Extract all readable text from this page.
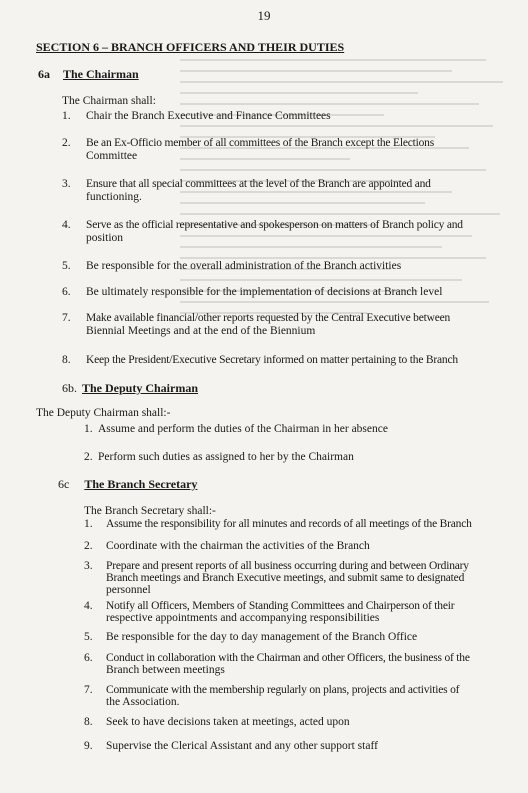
19
SECTION 6 – BRANCH OFFICERS AND THEIR DUTIES
6a The Chairman
The Chairman shall:
1. Chair the Branch Executive and Finance Committees
2. Be an Ex-Officio member of all committees of the Branch except the Elections
Committee
3. Ensure that all special committees at the level of the Branch are appointed and
functioning.
4. Serve as the official representative and spokesperson on matters of Branch policy and
position
5. Be responsible for the overall administration of the Branch activities
6. Be ultimately responsible for the implementation of decisions at Branch level
7. Make available financial/other reports requested by the Central Executive between
Biennial Meetings and at the end of the Biennium
8. Keep the President/Executive Secretary informed on matter pertaining to the Branch
6b. The Deputy Chairman
The Deputy Chairman shall:-
1. Assume and perform the duties of the Chairman in her absence
2. Perform such duties as assigned to her by the Chairman
6c The Branch Secretary
The Branch Secretary shall:-
1. Assume the responsibility for all minutes and records of all meetings of the Branch
2. Coordinate with the chairman the activities of the Branch
3. Prepare and present reports of all business occurring during and between Ordinary
Branch meetings and Branch Executive meetings, and submit same to designated
personnel
4. Notify all Officers, Members of Standing Committees and Chairperson of their
respective appointments and accompanying responsibilities
5. Be responsible for the day to day management of the Branch Office
6. Conduct in collaboration with the Chairman and other Officers, the business of the
Branch between meetings
7. Communicate with the membership regularly on plans, projects and activities of
the Association.
8. Seek to have decisions taken at meetings, acted upon
9. Supervise the Clerical Assistant and any other support staff
